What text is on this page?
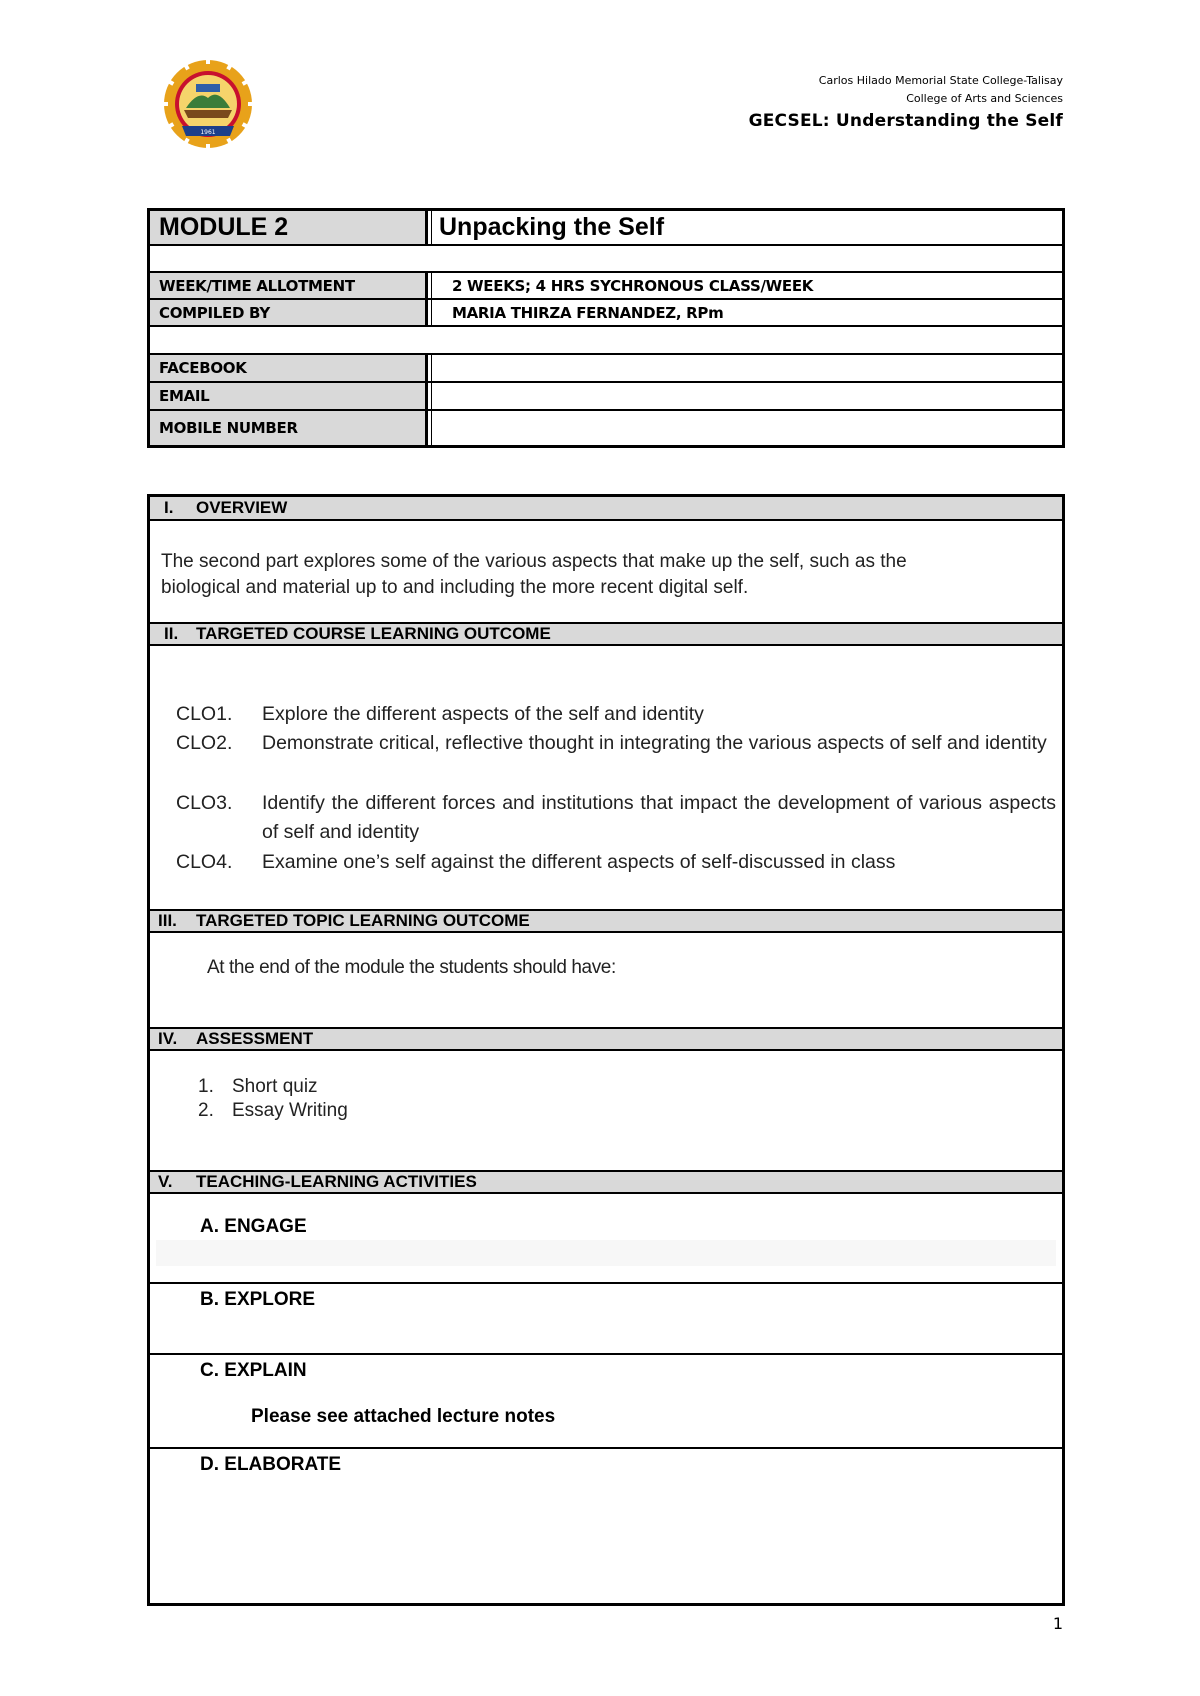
1961
Carlos Hilado Memorial State College-Talisay
College of Arts and Sciences
GECSEL: Understanding the Self
MODULE 2	Unpacking the Self
WEEK/TIME ALLOTMENT	2 WEEKS; 4 HRS SYCHRONOUS CLASS/WEEK
COMPILED BY	MARIA THIRZA FERNANDEZ, RPm
FACEBOOK
EMAIL
MOBILE NUMBER
I.	OVERVIEW
The second part explores some of the various aspects that make up the self, such as the
biological and material up to and including the more recent digital self.
II.	TARGETED COURSE LEARNING OUTCOME
CLO1. Explore the different aspects of the self and identity
CLO2. Demonstrate critical, reflective thought in integrating the various aspects of self and identity
CLO3. Identify the different forces and institutions that impact the development of various aspects of self and identity
CLO4. Examine one’s self against the different aspects of self-discussed in class
III.	TARGETED TOPIC LEARNING OUTCOME
At the end of the module the students should have:
IV.	ASSESSMENT
1. Short quiz
2. Essay Writing
V.	TEACHING-LEARNING ACTIVITIES
A. ENGAGE
B. EXPLORE
C. EXPLAIN
Please see attached lecture notes
D. ELABORATE
1
